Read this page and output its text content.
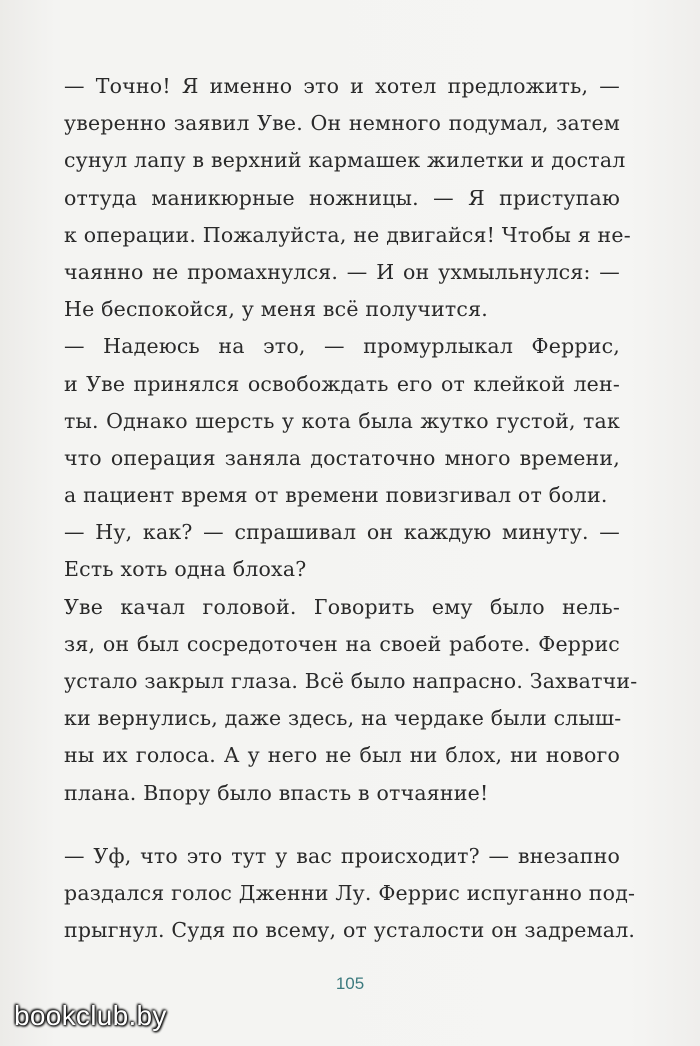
— Точно! Я именно это и хотел предложить, —
уверенно заявил Уве. Он немного подумал, затем
сунул лапу в верхний кармашек жилетки и достал
оттуда маникюрные ножницы. — Я приступаю
к операции. Пожалуйста, не двигайся! Чтобы я не-
чаянно не промахнулся. — И он ухмыльнулся: —
Не беспокойся, у меня всё получится.
— Надеюсь на это, — промурлыкал Феррис,
и Уве принялся освобождать его от клейкой лен-
ты. Однако шерсть у кота была жутко густой, так
что операция заняла достаточно много времени,
а пациент время от времени повизгивал от боли.
— Ну, как? — спрашивал он каждую минуту. —
Есть хоть одна блоха?
Уве качал головой. Говорить ему было нель-
зя, он был сосредоточен на своей работе. Феррис
устало закрыл глаза. Всё было напрасно. Захватчи-
ки вернулись, даже здесь, на чердаке были слыш-
ны их голоса. А у него не был ни блох, ни нового
плана. Впору было впасть в отчаяние!
— Уф, что это тут у вас происходит? — внезапно
раздался голос Дженни Лу. Феррис испуганно под-
прыгнул. Судя по всему, от усталости он задремал.
105
bookclub.by
